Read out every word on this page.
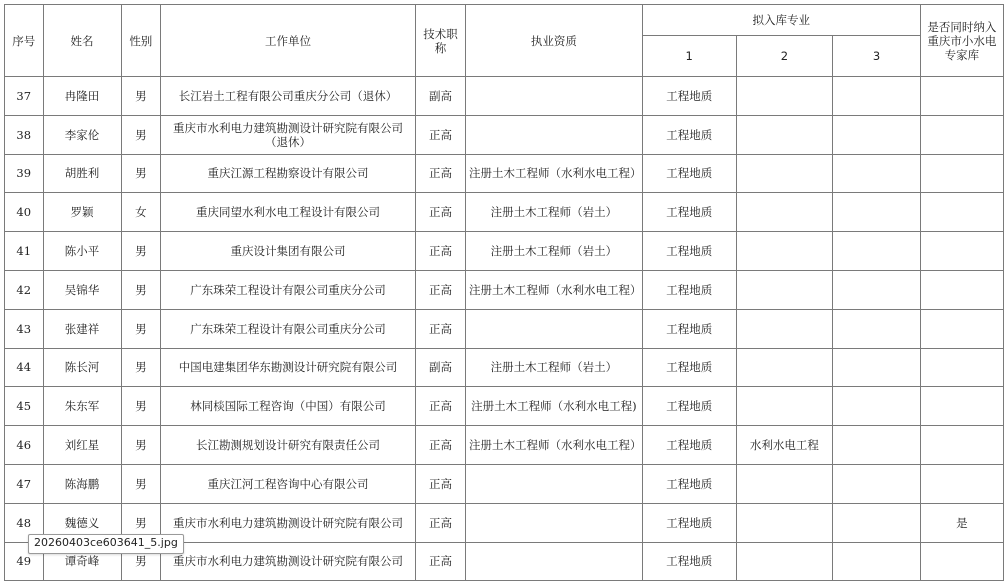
序号	姓名	性别	工作单位	技术职称	执业资质	拟入库专业			是否同时纳入重庆市小水电专家库
						1	2	3	
37	冉隆田	男	长江岩土工程有限公司重庆分公司（退休）	副高		工程地质			
38	李家伦	男	重庆市水利电力建筑勘测设计研究院有限公司（退休）	正高		工程地质			
39	胡胜利	男	重庆江源工程勘察设计有限公司	正高	注册土木工程师（水利水电工程）	工程地质			
40	罗颖	女	重庆同望水利水电工程设计有限公司	正高	注册土木工程师（岩土）	工程地质			
41	陈小平	男	重庆设计集团有限公司	正高	注册土木工程师（岩土）	工程地质			
42	吴锦华	男	广东珠荣工程设计有限公司重庆分公司	正高	注册土木工程师（水利水电工程）	工程地质			
43	张建祥	男	广东珠荣工程设计有限公司重庆分公司	正高		工程地质			
44	陈长河	男	中国电建集团华东勘测设计研究院有限公司	副高	注册土木工程师（岩土）	工程地质			
45	朱东军	男	林同棪国际工程咨询（中国）有限公司	正高	注册土木工程师（水利水电工程)	工程地质			
46	刘红星	男	长江勘测规划设计研究有限责任公司	正高	注册土木工程师（水利水电工程）	工程地质	水利水电工程		
47	陈海鹏	男	重庆江河工程咨询中心有限公司	正高		工程地质			
48	魏德义	男	重庆市水利电力建筑勘测设计研究院有限公司	正高		工程地质			是
49	谭奇峰	男	重庆市水利电力建筑勘测设计研究院有限公司	正高		工程地质			
20260403ce603641_5.jpg
